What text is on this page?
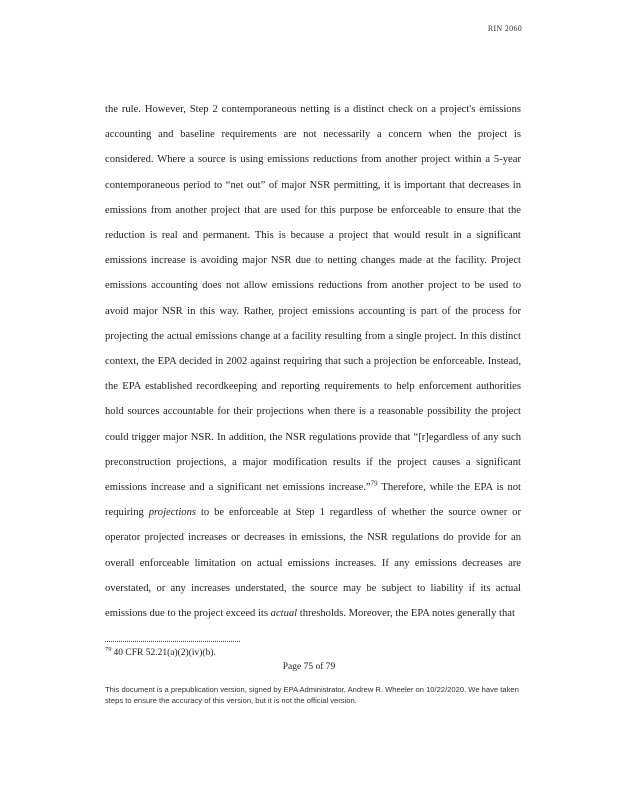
RIN 2060

the rule. However, Step 2 contemporaneous netting is a distinct check on a project's emissions accounting and baseline requirements are not necessarily a concern when the project is considered. Where a source is using emissions reductions from another project within a 5-year contemporaneous period to “net out” of major NSR permitting, it is important that decreases in emissions from another project that are used for this purpose be enforceable to ensure that the reduction is real and permanent. This is because a project that would result in a significant emissions increase is avoiding major NSR due to netting changes made at the facility. Project emissions accounting does not allow emissions reductions from another project to be used to avoid major NSR in this way. Rather, project emissions accounting is part of the process for projecting the actual emissions change at a facility resulting from a single project. In this distinct context, the EPA decided in 2002 against requiring that such a projection be enforceable. Instead, the EPA established recordkeeping and reporting requirements to help enforcement authorities hold sources accountable for their projections when there is a reasonable possibility the project could trigger major NSR. In addition, the NSR regulations provide that “[r]egardless of any such preconstruction projections, a major modification results if the project causes a significant emissions increase and a significant net emissions increase.”$^{79}$ Therefore, while the EPA is not requiring projections to be enforceable at Step 1 regardless of whether the source owner or operator projected increases or decreases in emissions, the NSR regulations do provide for an overall enforceable limitation on actual emissions increases. If any emissions decreases are overstated, or any increases understated, the source may be subject to liability if its actual emissions due to the project exceed its actual thresholds. Moreover, the EPA notes generally that

$^{79}$ 40 CFR 52.21(a)(2)(iv)(b).
Page 75 of 79
This document is a prepublication version, signed by EPA Administrator, Andrew R. Wheeler on 10/22/2020. We have taken steps to ensure the accuracy of this version, but it is not the official version.
